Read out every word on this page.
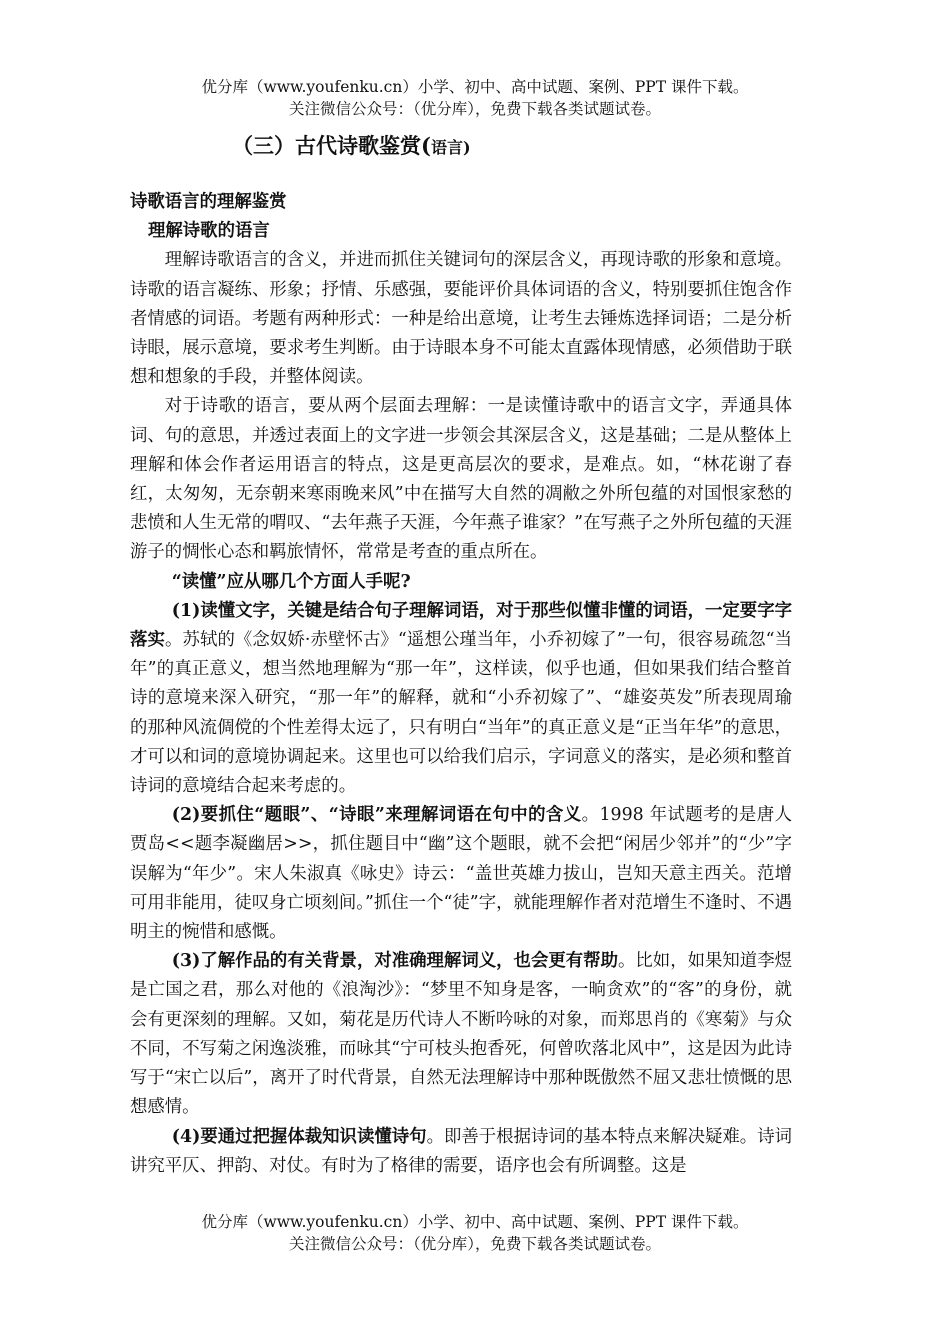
优分库（www.youfenku.cn）小学、初中、高中试题、案例、PPT 课件下载。
关注微信公众号：（优分库），免费下载各类试题试卷。
（三）古代诗歌鉴赏(语言)

诗歌语言的理解鉴赏

理解诗歌的语言

理解诗歌语言的含义，并进而抓住关键词句的深层含义，再现诗歌的形象和意境。诗歌的语言凝练、形象；抒情、乐感强，要能评价具体词语的含义，特别要抓住饱含作者情感的词语。考题有两种形式：一种是给出意境，让考生去锤炼选择词语；二是分析诗眼，展示意境，要求考生判断。由于诗眼本身不可能太直露体现情感，必须借助于联想和想象的手段，并整体阅读。

对于诗歌的语言，要从两个层面去理解：一是读懂诗歌中的语言文字，弄通具体词、句的意思，并透过表面上的文字进一步领会其深层含义，这是基础；二是从整体上理解和体会作者运用语言的特点，这是更高层次的要求，是难点。如，“林花谢了春红，太匆匆，无奈朝来寒雨晚来风”中在描写大自然的凋敝之外所包蕴的对国恨家愁的悲愤和人生无常的喟叹、“去年燕子天涯，今年燕子谁家？”在写燕子之外所包蕴的天涯游子的惆怅心态和羁旅情怀，常常是考查的重点所在。

“读懂”应从哪几个方面人手呢?

(1)读懂文字，关键是结合句子理解词语，对于那些似懂非懂的词语，一定要字字落实。苏轼的《念奴娇·赤壁怀古》“遥想公瑾当年，小乔初嫁了”一句，很容易疏忽“当年”的真正意义，想当然地理解为“那一年”，这样读，似乎也通，但如果我们结合整首诗的意境来深入研究，“那一年”的解释，就和“小乔初嫁了”、“雄姿英发”所表现周瑜的那种风流倜傥的个性差得太远了，只有明白“当年”的真正意义是“正当年华”的意思，才可以和词的意境协调起来。这里也可以给我们启示，字词意义的落实，是必须和整首诗词的意境结合起来考虑的。

(2)要抓住“题眼”、“诗眼”来理解词语在句中的含义。1998 年试题考的是唐人贾岛<<题李凝幽居>>，抓住题目中“幽”这个题眼，就不会把“闲居少邻并”的“少”字误解为“年少”。宋人朱淑真《咏史》诗云：“盖世英雄力拔山，岂知天意主西关。范增可用非能用，徒叹身亡顷刻间。”抓住一个“徒”字，就能理解作者对范增生不逢时、不遇明主的惋惜和感慨。

(3)了解作品的有关背景，对准确理解词义，也会更有帮助。比如，如果知道李煜是亡国之君，那么对他的《浪淘沙》：“梦里不知身是客，一晌贪欢”的“客”的身份，就会有更深刻的理解。又如，菊花是历代诗人不断吟咏的对象，而郑思肖的《寒菊》与众不同，不写菊之闲逸淡雅，而咏其“宁可枝头抱香死，何曾吹落北风中”，这是因为此诗写于“宋亡以后”，离开了时代背景，自然无法理解诗中那种既傲然不屈又悲壮愤慨的思想感情。

(4)要通过把握体裁知识读懂诗句。即善于根据诗词的基本特点来解决疑难。诗词讲究平仄、押韵、对仗。有时为了格律的需要，语序也会有所调整。这是

优分库（www.youfenku.cn）小学、初中、高中试题、案例、PPT 课件下载。
关注微信公众号：（优分库），免费下载各类试题试卷。
